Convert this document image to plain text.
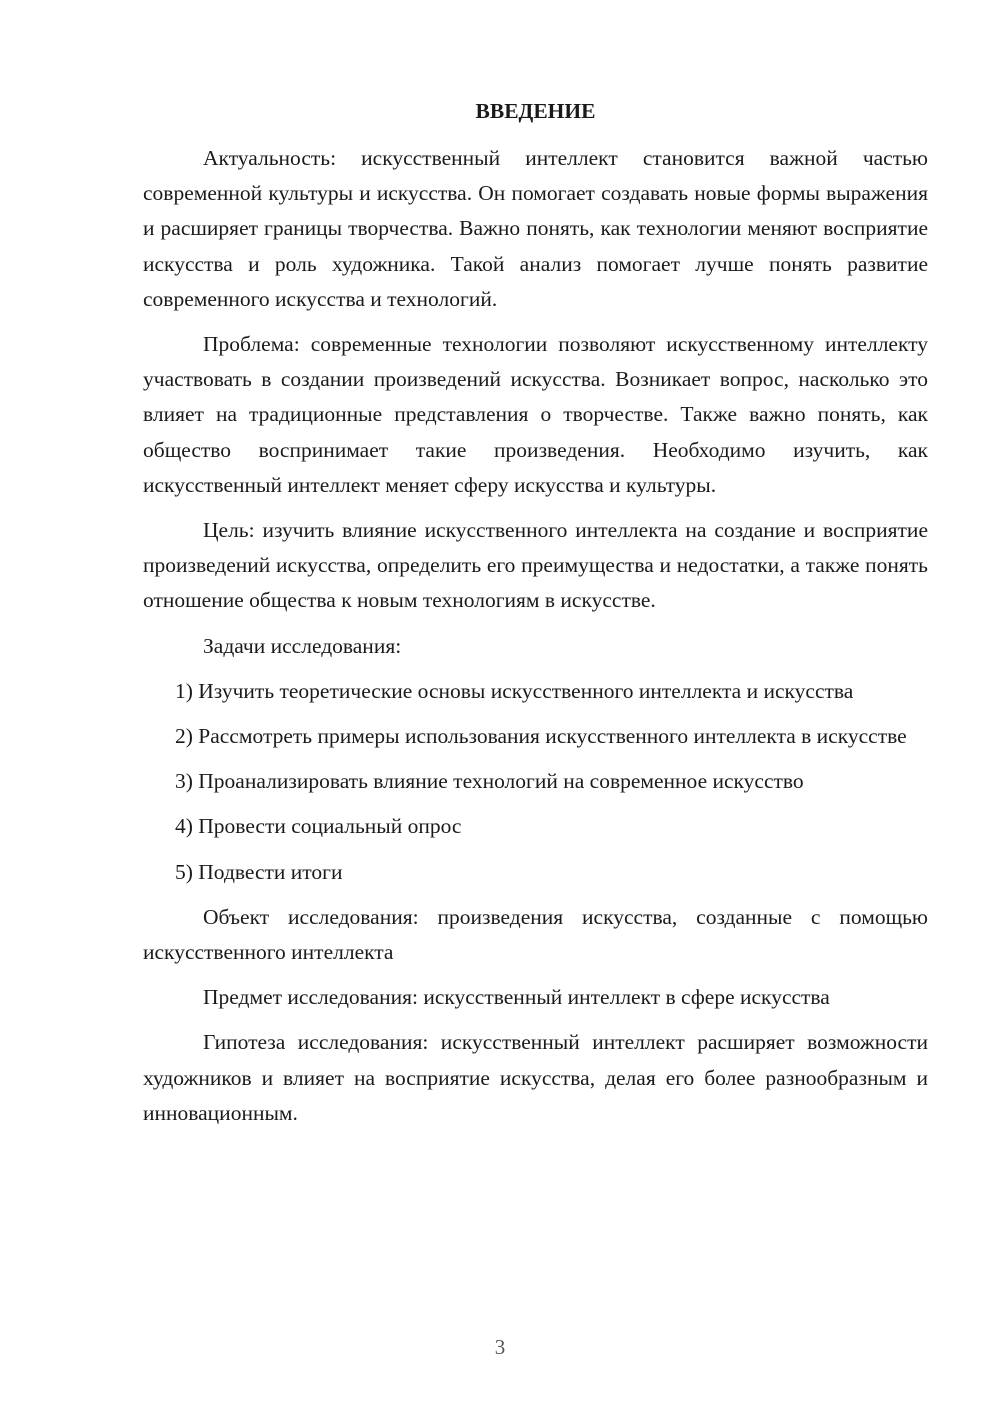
ВВЕДЕНИЕ

Актуальность: искусственный интеллект становится важной частью современной культуры и искусства. Он помогает создавать новые формы выражения и расширяет границы творчества. Важно понять, как технологии меняют восприятие искусства и роль художника. Такой анализ помогает лучше понять развитие современного искусства и технологий.

Проблема: современные технологии позволяют искусственному интеллекту участвовать в создании произведений искусства. Возникает вопрос, насколько это влияет на традиционные представления о творчестве. Также важно понять, как общество воспринимает такие произведения. Необходимо изучить, как искусственный интеллект меняет сферу искусства и культуры.

Цель: изучить влияние искусственного интеллекта на создание и восприятие произведений искусства, определить его преимущества и недостатки, а также понять отношение общества к новым технологиям в искусстве.

Задачи исследования:

1) Изучить теоретические основы искусственного интеллекта и искусства

2) Рассмотреть примеры использования искусственного интеллекта в искусстве

3) Проанализировать влияние технологий на современное искусство

4) Провести социальный опрос

5) Подвести итоги

Объект исследования: произведения искусства, созданные с помощью искусственного интеллекта

Предмет исследования: искусственный интеллект в сфере искусства

Гипотеза исследования: искусственный интеллект расширяет возможности художников и влияет на восприятие искусства, делая его более разнообразным и инновационным.

3
